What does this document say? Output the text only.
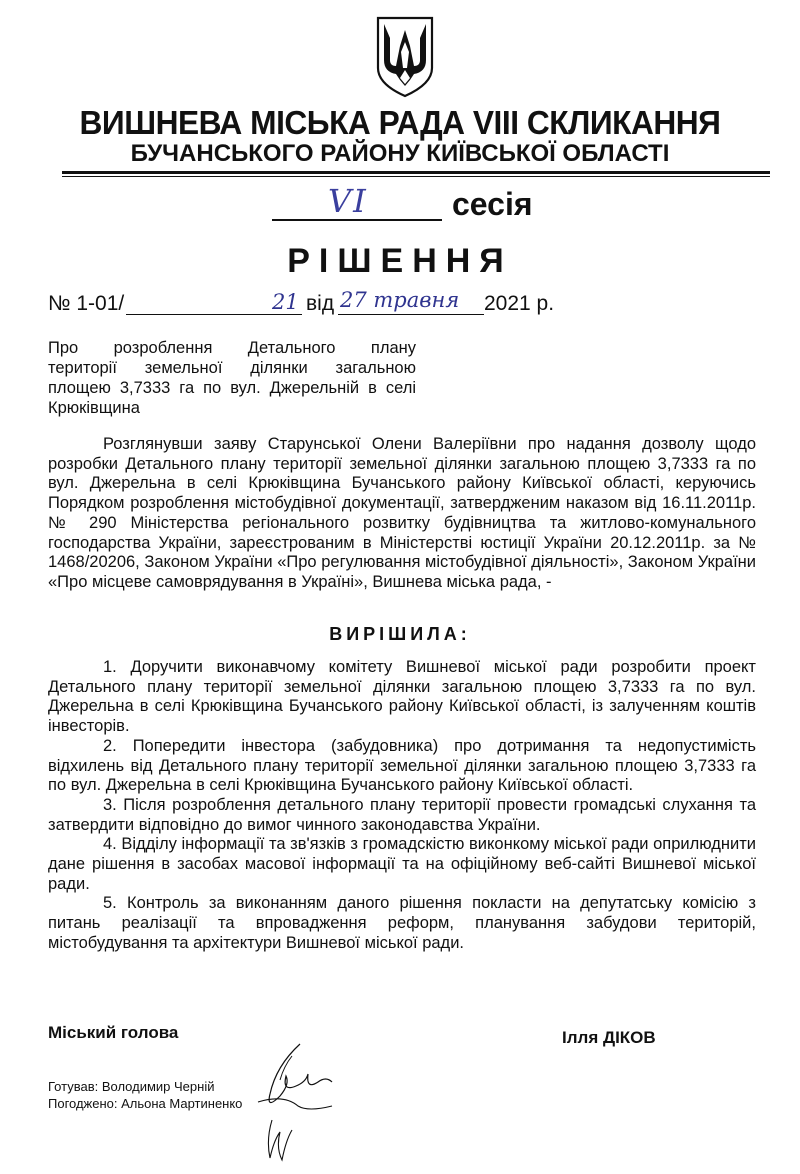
ВИШНЕВА МІСЬКА РАДА VIII СКЛИКАННЯ
БУЧАНСЬКОГО РАЙОНУ КИЇВСЬКОЇ ОБЛАСТІ
VI	сесія
РІШЕННЯ
№ 1-01/	21 від 27 травня 2021 р.
Про розроблення Детального плану
території земельної ділянки загальною
площею 3,7333 га по вул. Джерельній в селі
Крюківщина

Розглянувши заяву Старунської Олени Валеріївни про надання дозволу щодо розробки Детального плану території земельної ділянки загальною площею 3,7333 га по вул. Джерельна в селі Крюківщина Бучанського району Київської області, керуючись Порядком розроблення містобудівної документації, затвердженим наказом від 16.11.2011р. № 290 Міністерства регіонального розвитку будівництва та житлово-комунального господарства України, зареєстрованим в Міністерстві юстиції України 20.12.2011р. за № 1468/20206, Законом України «Про регулювання містобудівної діяльності», Законом України «Про місцеве самоврядування в Україні», Вишнева міська рада, -

ВИРІШИЛА:

1. Доручити виконавчому комітету Вишневої міської ради розробити проект Детального плану території земельної ділянки загальною площею 3,7333 га по вул. Джерельна в селі Крюківщина Бучанського району Київської області, із залученням коштів інвесторів.

2. Попередити інвестора (забудовника) про дотримання та недопустимість відхилень від Детального плану території земельної ділянки загальною площею 3,7333 га по вул. Джерельна в селі Крюківщина Бучанського району Київської області.

3. Після розроблення детального плану території провести громадські слухання та затвердити відповідно до вимог чинного законодавства України.

4. Відділу інформації та зв'язків з громадскістю виконкому міської ради оприлюднити дане рішення в засобах масової інформації та на офіційному веб-сайті Вишневої міської ради.

5. Контроль за виконанням даного рішення покласти на депутатську комісію з питань реалізації та впровадження реформ, планування забудови територій, містобудування та архітектури Вишневої міської ради.

Міський голова	Ілля ДІКОВ
Готував: Володимир Черній
Погоджено: Альона Мартиненко
